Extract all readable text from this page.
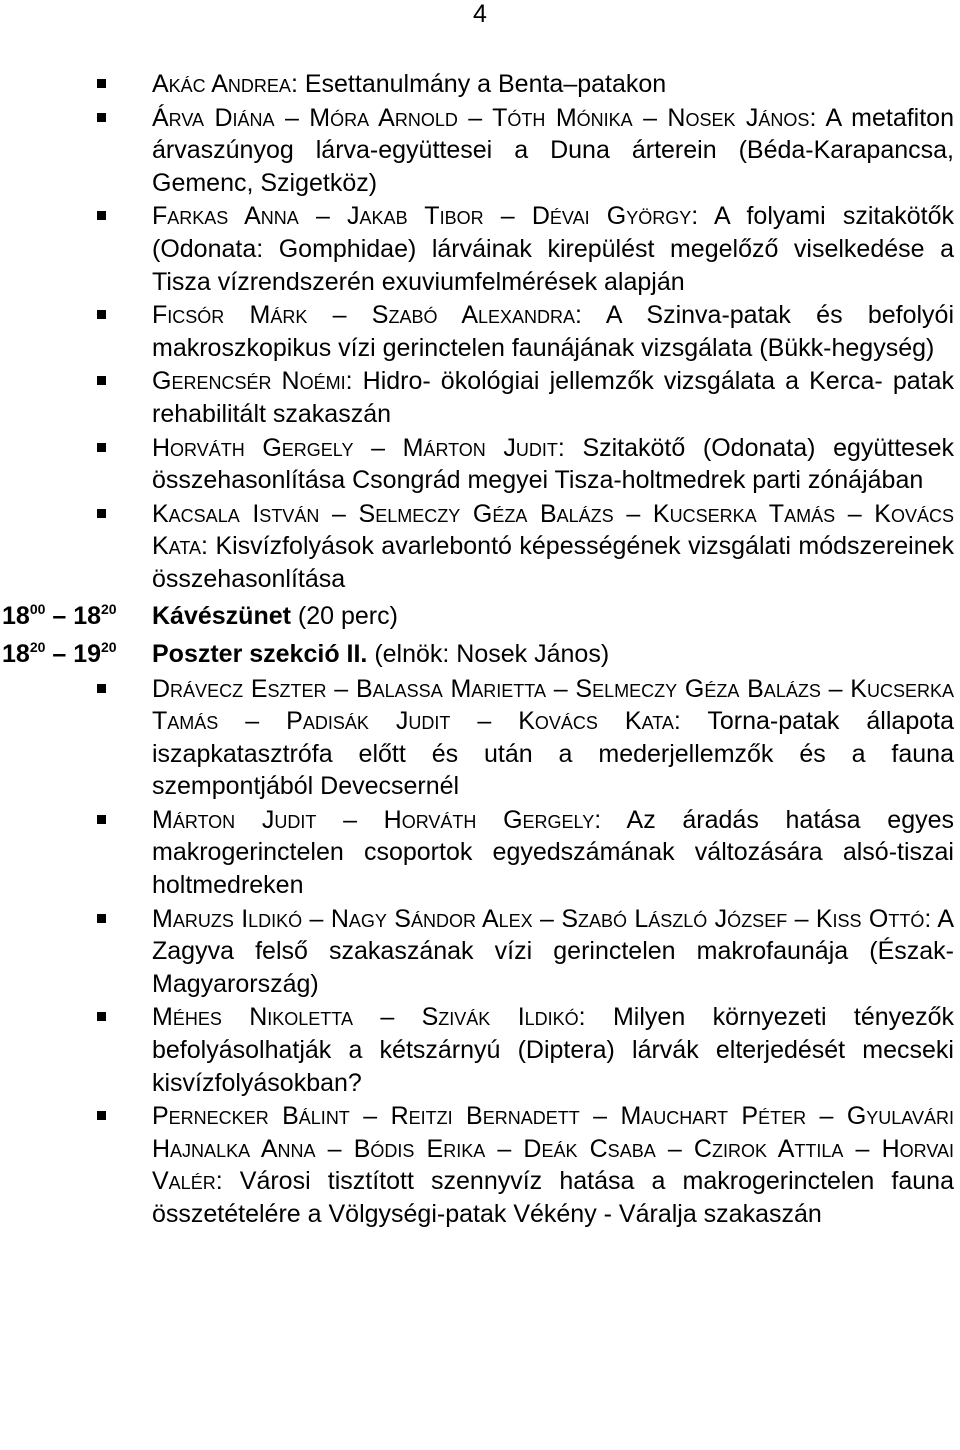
4
Akác Andrea: Esettanulmány a Benta–patakon
Árva Diána – Móra Arnold – Tóth Mónika – Nosek János: A metafiton árvaszúnyog lárva-együttesei a Duna árterein (Béda-Karapancsa, Gemenc, Szigetköz)
Farkas Anna – Jakab Tibor – Dévai György: A folyami szitakötők (Odonata: Gomphidae) lárváinak kirepülést megelőző viselkedése a Tisza vízrendszerén exuviumfelmérések alapján
Ficsór Márk – Szabó Alexandra: A Szinva-patak és befolyói makroszkopikus vízi gerinctelen faunájának vizsgálata (Bükk-hegység)
Gerencsér Noémi: Hidro- ökológiai jellemzők vizsgálata a Kerca- patak rehabilitált szakaszán
Horváth Gergely – Márton Judit: Szitakötő (Odonata) együttesek összehasonlítása Csongrád megyei Tisza-holtmedrek parti zónájában
Kacsala István – Selmeczy Géza Balázs – Kucserka Tamás – Kovács Kata: Kisvízfolyások avarlebontó képességének vizsgálati módszereinek összehasonlítása
$18^{00} - 18^{20}$ Kávészünet (20 perc)
$18^{20} - 19^{20}$ Poszter szekció II. (elnök: Nosek János)
Drávecz Eszter – Balassa Marietta – Selmeczy Géza Balázs – Kucserka Tamás – Padisák Judit – Kovács Kata: Torna-patak állapota iszapkatasztrófa előtt és után a mederjellemzők és a fauna szempontjából Devecsernél
Márton Judit – Horváth Gergely: Az áradás hatása egyes makrogerinctelen csoportok egyedszámának változására alsó-tiszai holtmedreken
Maruzs Ildikó – Nagy Sándor Alex – Szabó László József – Kiss Ottó: A Zagyva felső szakaszának vízi gerinctelen makrofaunája (Észak-Magyarország)
Méhes Nikoletta – Szivák Ildikó: Milyen környezeti tényezők befolyásolhatják a kétszárnyú (Diptera) lárvák elterjedését mecseki kisvízfolyásokban?
Pernecker Bálint – Reitzi Bernadett – Mauchart Péter – Gyulavári Hajnalka Anna – Bódis Erika – Deák Csaba – Czirok Attila – Horvai Valér: Városi tisztított szennyvíz hatása a makrogerinctelen fauna összetételére a Völgységi-patak Vékény - Váralja szakaszán
